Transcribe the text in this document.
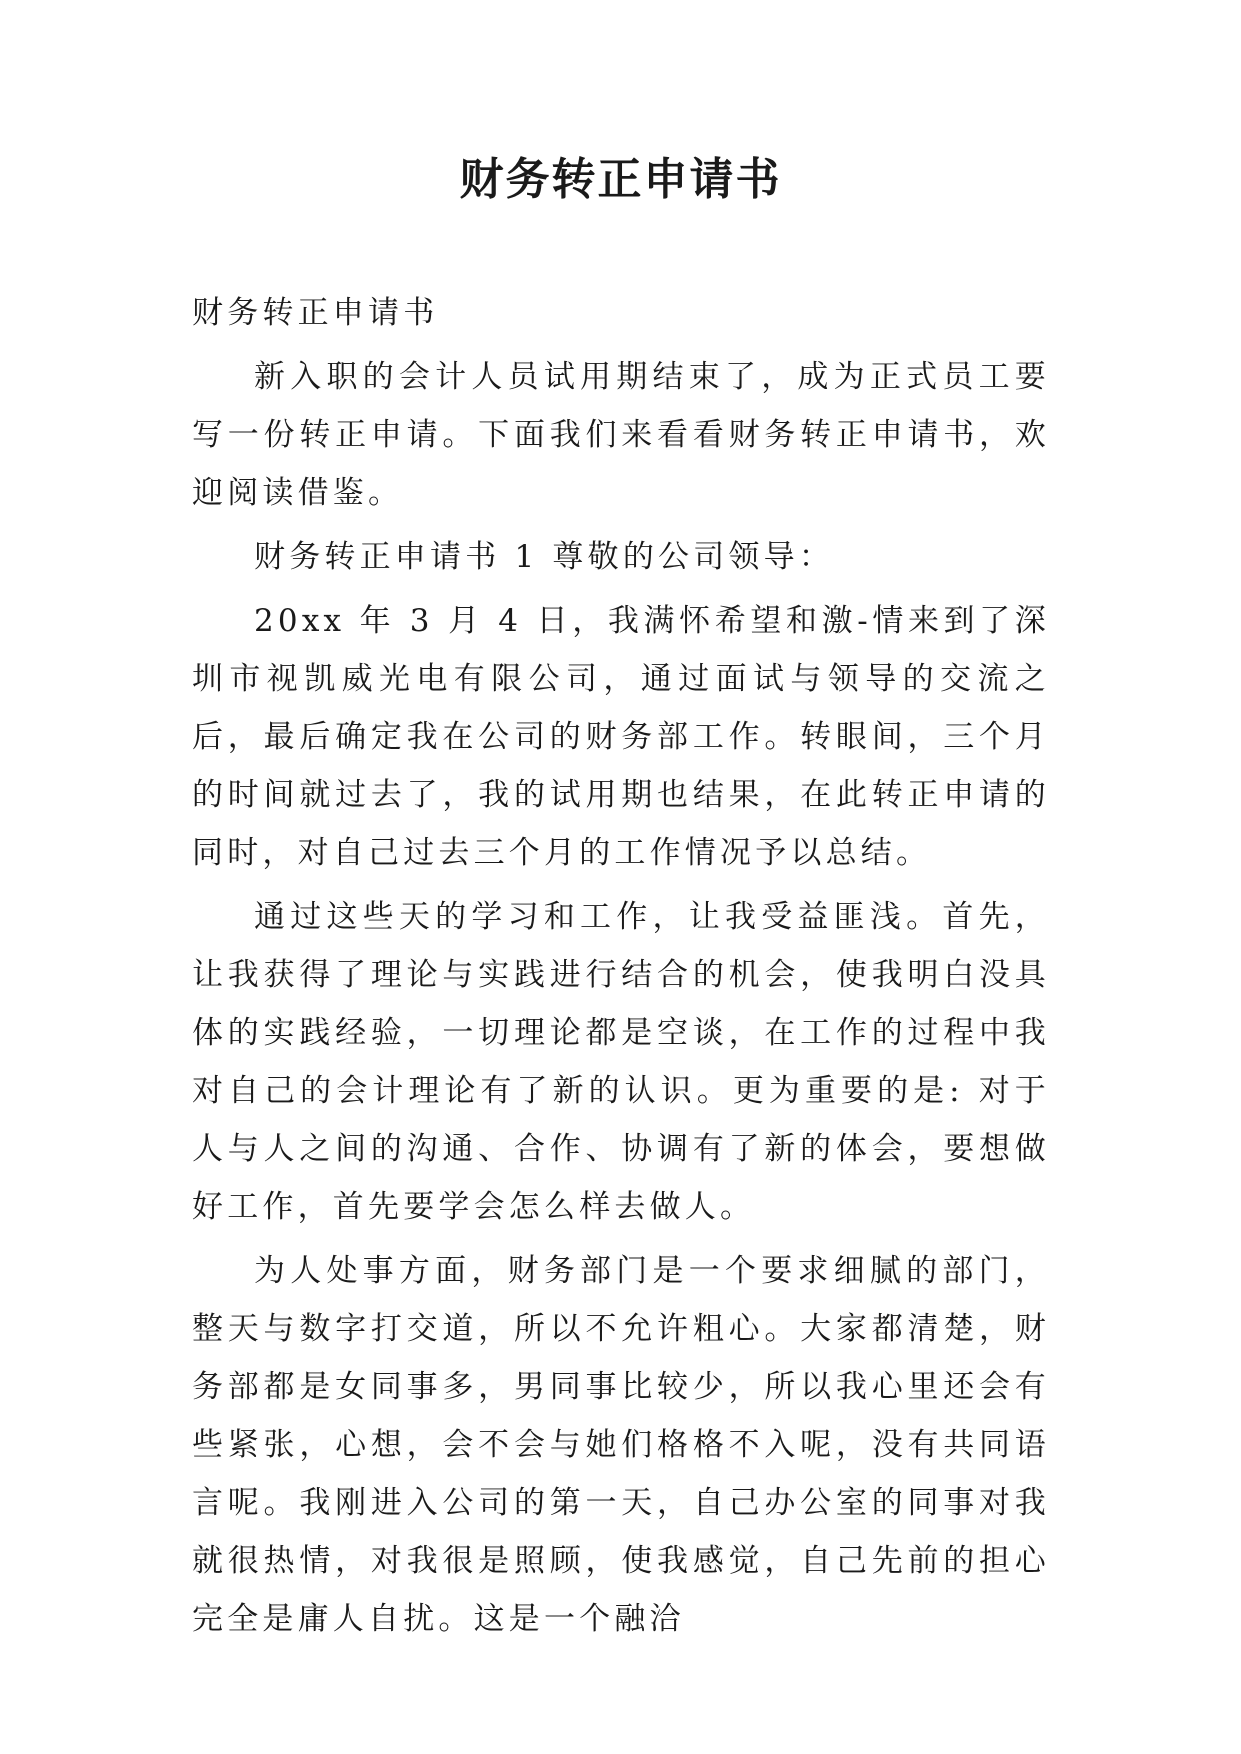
财务转正申请书

财务转正申请书

新入职的会计人员试用期结束了，成为正式员工要写一份转正申请。下面我们来看看财务转正申请书，欢迎阅读借鉴。

财务转正申请书 1 尊敬的公司领导：

20xx 年 3 月 4 日，我满怀希望和激-情来到了深圳市视凯威光电有限公司，通过面试与领导的交流之后，最后确定我在公司的财务部工作。转眼间，三个月的时间就过去了，我的试用期也结果，在此转正申请的同时，对自己过去三个月的工作情况予以总结。

通过这些天的学习和工作，让我受益匪浅。首先，让我获得了理论与实践进行结合的机会，使我明白没具体的实践经验，一切理论都是空谈，在工作的过程中我对自己的会计理论有了新的认识。更为重要的是: 对于人与人之间的沟通、合作、协调有了新的体会，要想做好工作，首先要学会怎么样去做人。

为人处事方面，财务部门是一个要求细腻的部门，整天与数字打交道，所以不允许粗心。大家都清楚，财务部都是女同事多，男同事比较少，所以我心里还会有些紧张，心想，会不会与她们格格不入呢，没有共同语言呢。我刚进入公司的第一天，自己办公室的同事对我就很热情，对我很是照顾，使我感觉，自己先前的担心完全是庸人自扰。这是一个融洽
